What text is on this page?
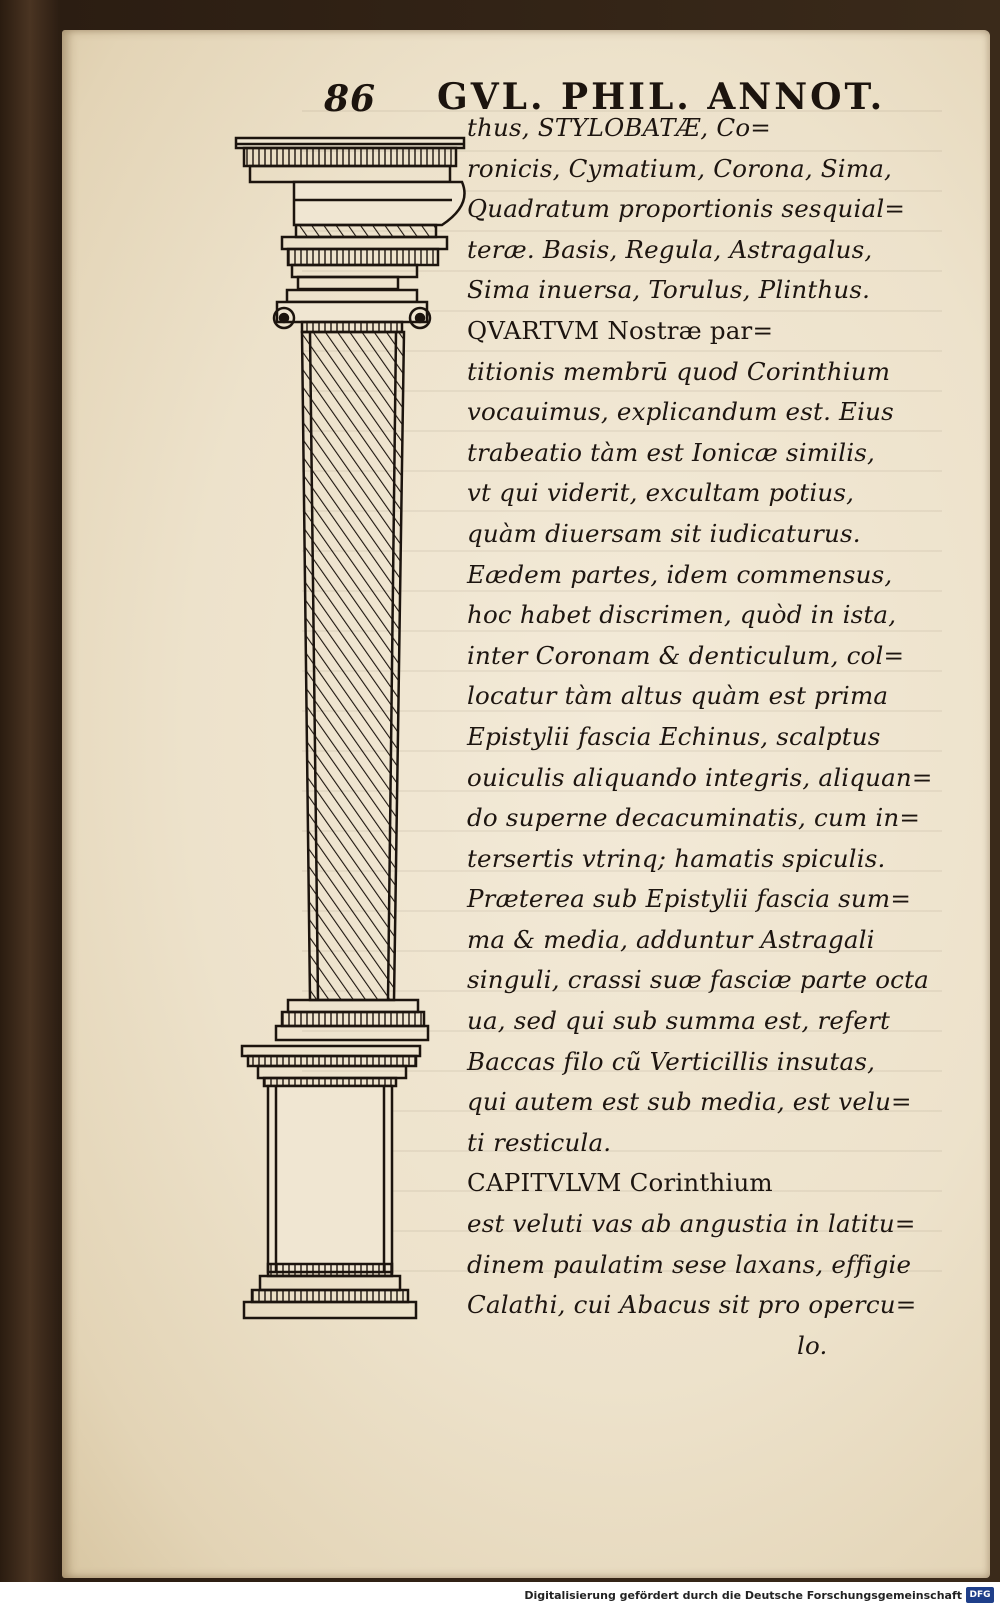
86 GVL. PHIL. ANNOT.
thus, STYLOBATÆ, Co=
ronicis, Cymatium, Corona, Sima,
Quadratum proportionis sesquial=
teræ. Basis, Regula, Astragalus,
Sima inuersa, Torulus, Plinthus.
QVARTVM Nostræ par=
titionis membrū quod Corinthium
vocauimus, explicandum est. Eius
trabeatio tàm est Ionicæ similis,
vt qui viderit, excultam potius,
quàm diuersam sit iudicaturus.
Eædem partes, idem commensus,
hoc habet discrimen, quòd in ista,
inter Coronam & denticulum, col=
locatur tàm altus quàm est prima
Epistylii fascia Echinus, scalptus
ouiculis aliquando integris, aliquan=
do superne decacuminatis, cum in=
tersertis vtrinq; hamatis spiculis.
Præterea sub Epistylii fascia sum=
ma & media, adduntur Astragali
singuli, crassi suæ fasciæ parte octa
ua, sed qui sub summa est, refert
Baccas filo cũ Verticillis insutas,
qui autem est sub media, est velu=
ti resticula.
CAPITVLVM Corinthium
est veluti vas ab angustia in latitu=
dinem paulatim sese laxans, effigie
Calathi, cui Abacus sit pro opercu=
lo.
Digitalisierung gefördert durch die Deutsche Forschungsgemeinschaft DFG
